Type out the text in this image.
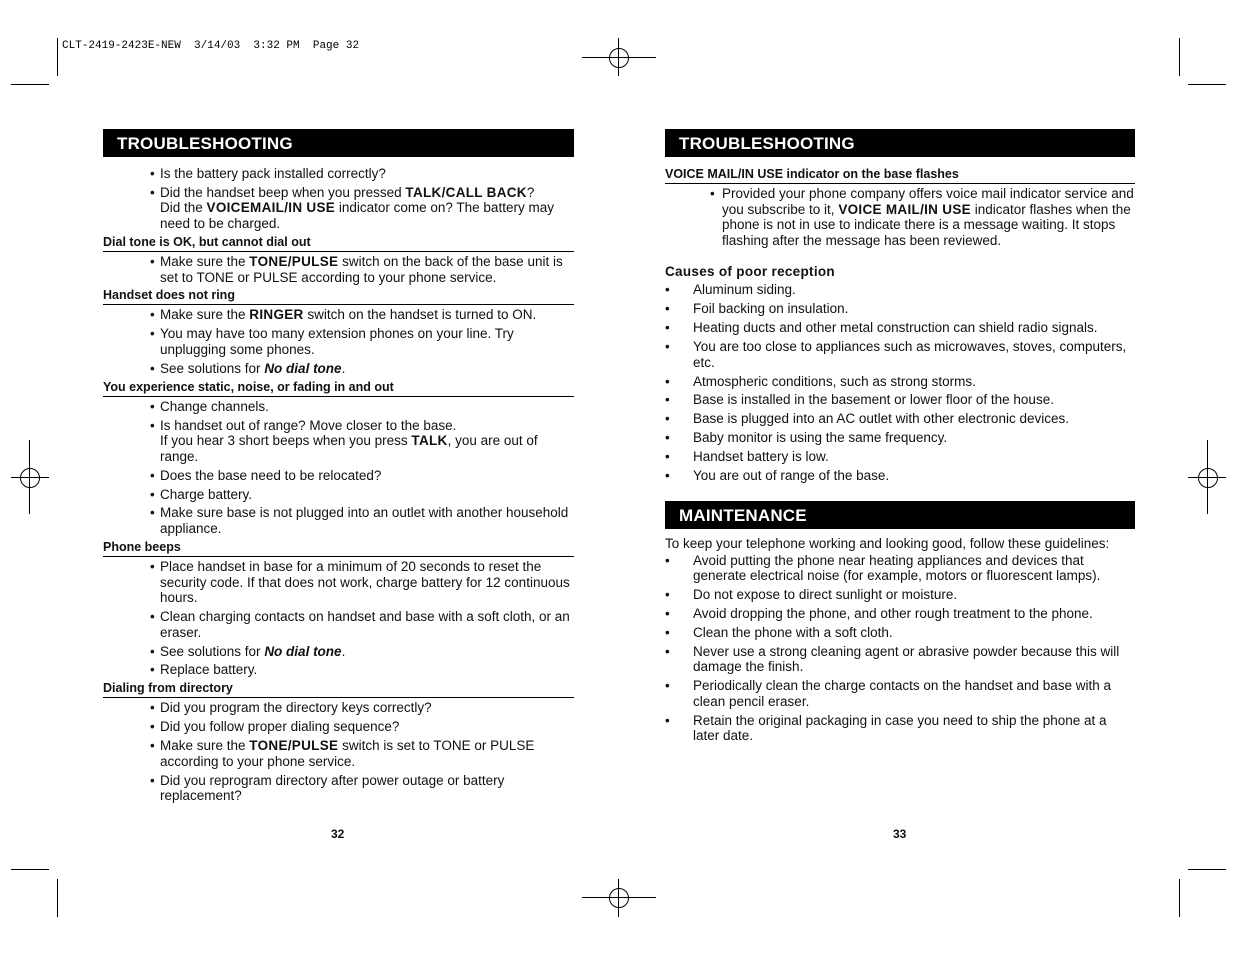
CLT-2419-2423E-NEW  3/14/03  3:32 PM  Page 32
TROUBLESHOOTING
• Is the battery pack installed correctly?
• Did the handset beep when you pressed TALK/CALL BACK?
Did the VOICEMAIL/IN USE indicator come on? The battery may need to be charged.
Dial tone is OK, but cannot dial out
• Make sure the TONE/PULSE switch on the back of the base unit is set to TONE or PULSE according to your phone service.
Handset does not ring
• Make sure the RINGER switch on the handset is turned to ON.
• You may have too many extension phones on your line. Try unplugging some phones.
• See solutions for No dial tone.
You experience static, noise, or fading in and out
• Change channels.
• Is handset out of range? Move closer to the base.
If you hear 3 short beeps when you press TALK, you are out of range.
• Does the base need to be relocated?
• Charge battery.
• Make sure base is not plugged into an outlet with another household appliance.
Phone beeps
• Place handset in base for a minimum of 20 seconds to reset the security code. If that does not work, charge battery for 12 continuous hours.
• Clean charging contacts on handset and base with a soft cloth, or an eraser.
• See solutions for No dial tone.
• Replace battery.
Dialing from directory
• Did you program the directory keys correctly?
• Did you follow proper dialing sequence?
• Make sure the TONE/PULSE switch is set to TONE or PULSE according to your phone service.
• Did you reprogram directory after power outage or battery replacement?
32
TROUBLESHOOTING
VOICE MAIL/IN USE indicator on the base flashes
• Provided your phone company offers voice mail indicator service and you subscribe to it, VOICE MAIL/IN USE indicator flashes when the phone is not in use to indicate there is a message waiting. It stops flashing after the message has been reviewed.
Causes of poor reception
• Aluminum siding.
• Foil backing on insulation.
• Heating ducts and other metal construction can shield radio signals.
• You are too close to appliances such as microwaves, stoves, computers, etc.
• Atmospheric conditions, such as strong storms.
• Base is installed in the basement or lower floor of the house.
• Base is plugged into an AC outlet with other electronic devices.
• Baby monitor is using the same frequency.
• Handset battery is low.
• You are out of range of the base.
MAINTENANCE
To keep your telephone working and looking good, follow these guidelines:
• Avoid putting the phone near heating appliances and devices that generate electrical noise (for example, motors or fluorescent lamps).
• Do not expose to direct sunlight or moisture.
• Avoid dropping the phone, and other rough treatment to the phone.
• Clean the phone with a soft cloth.
• Never use a strong cleaning agent or abrasive powder because this will damage the finish.
• Periodically clean the charge contacts on the handset and base with a clean pencil eraser.
• Retain the original packaging in case you need to ship the phone at a later date.
33
